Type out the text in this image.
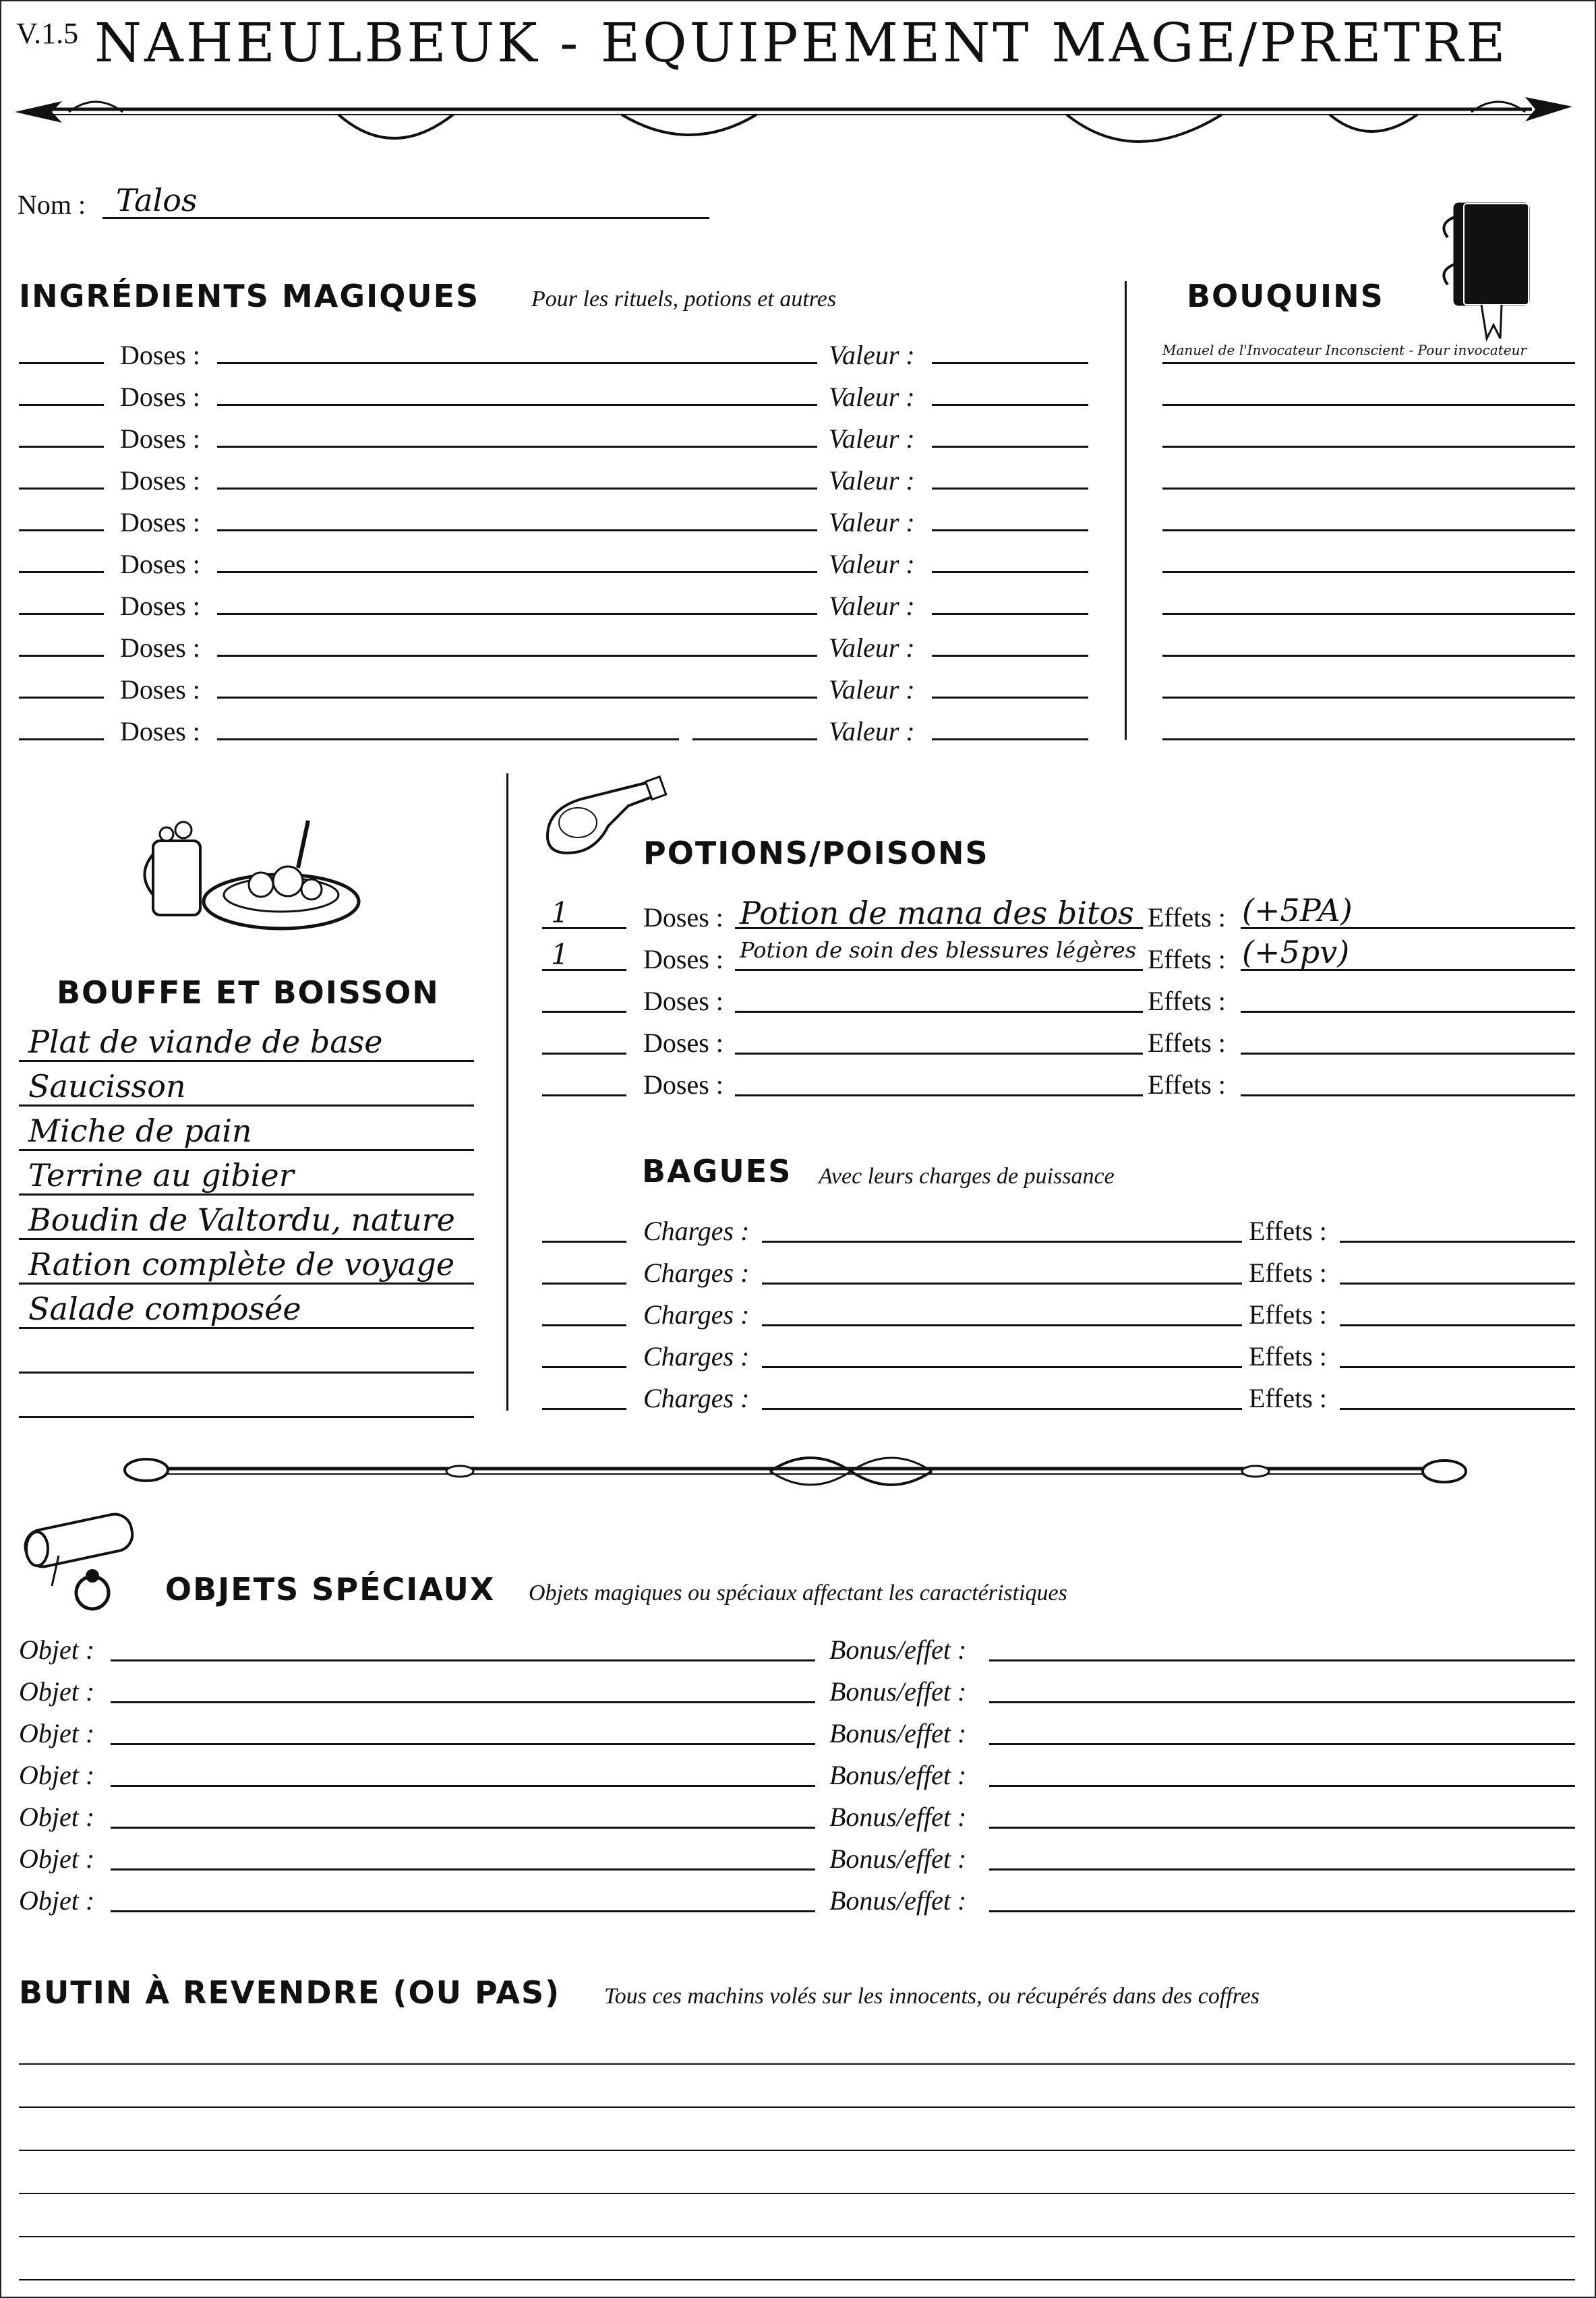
V.1.5 NAHEULBEUK - EQUIPEMENT MAGE/PRETRE
Nom : Talos
INGRÉDIENTS MAGIQUES Pour les rituels, potions et autres
Doses :	Valeur :
Doses :	Valeur :
Doses :	Valeur :
Doses :	Valeur :
Doses :	Valeur :
Doses :	Valeur :
Doses :	Valeur :
Doses :	Valeur :
Doses :	Valeur :
Doses :	Valeur :
BOUQUINS
Manuel de l'Invocateur Inconscient - Pour invocateur
BOUFFE ET BOISSON
Plat de viande de base
Saucisson
Miche de pain
Terrine au gibier
Boudin de Valtordu, nature
Ration complète de voyage
Salade composée
POTIONS/POISONS
1	Doses : Potion de mana des bitos Effets : (+5PA)
1	Doses : Potion de soin des blessures légères Effets : (+5pv)
Doses :	Effets :
Doses :	Effets :
Doses :	Effets :
BAGUES Avec leurs charges de puissance
Charges :	Effets :
Charges :	Effets :
Charges :	Effets :
Charges :	Effets :
Charges :	Effets :
OBJETS SPÉCIAUX Objets magiques ou spéciaux affectant les caractéristiques
Objet :	Bonus/effet :
Objet :	Bonus/effet :
Objet :	Bonus/effet :
Objet :	Bonus/effet :
Objet :	Bonus/effet :
Objet :	Bonus/effet :
Objet :	Bonus/effet :
BUTIN À REVENDRE (OU PAS) Tous ces machins volés sur les innocents, ou récupérés dans des coffres
